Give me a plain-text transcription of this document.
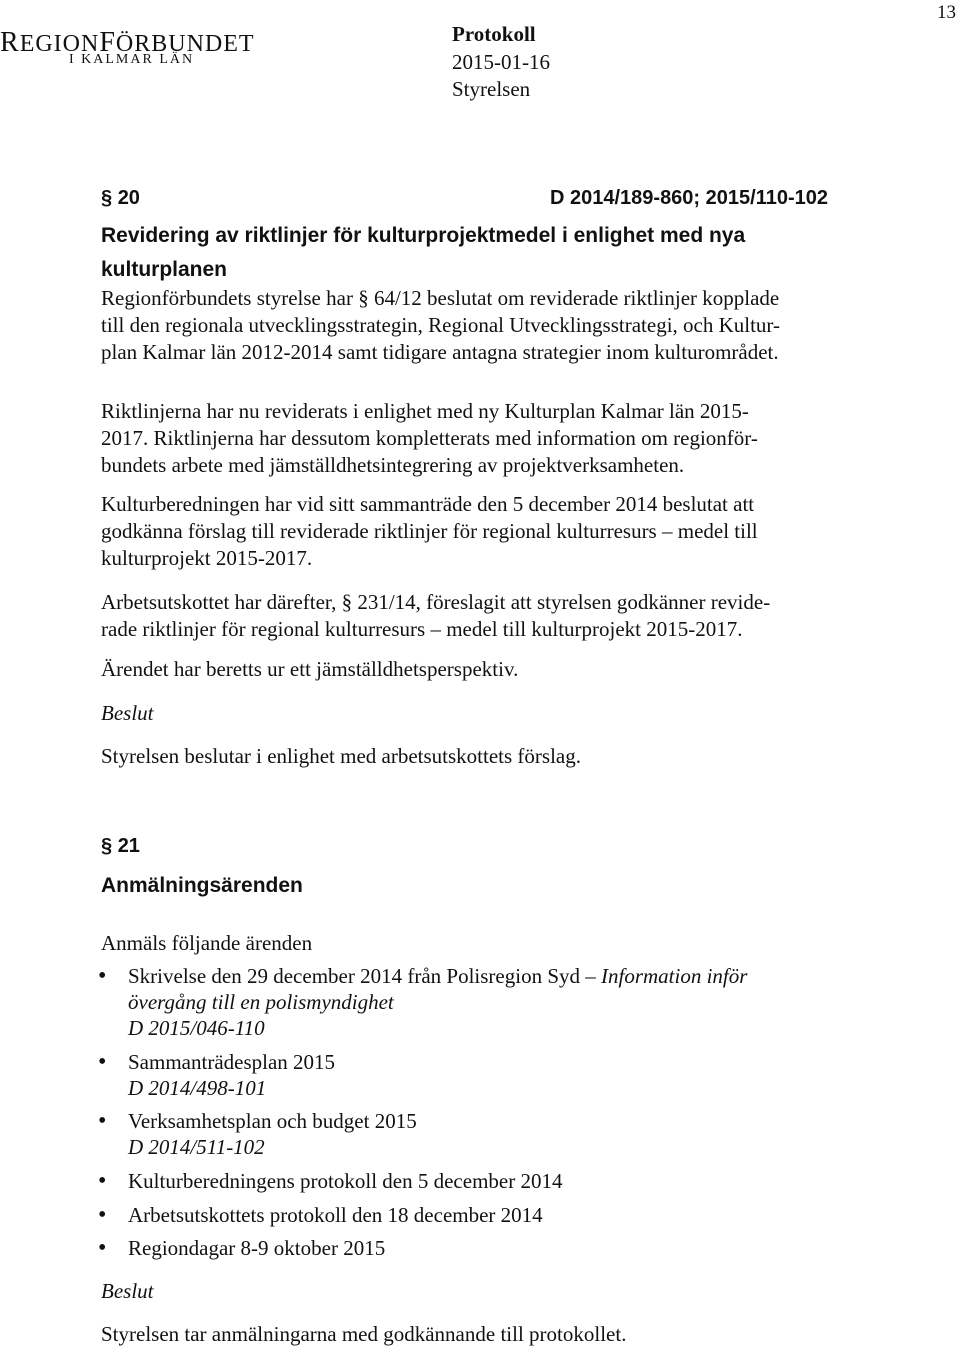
13
REGIONFÖRBUNDET
I KALMAR LÄN
Protokoll
2015-01-16
Styrelsen
§ 20	D 2014/189-860; 2015/110-102
Revidering av riktlinjer för kulturprojektmedel i enlighet med nya
kulturplanen
Regionförbundets styrelse har § 64/12 beslutat om reviderade riktlinjer kopplade
till den regionala utvecklingsstrategin, Regional Utvecklingsstrategi, och Kultur-
plan Kalmar län 2012-2014 samt tidigare antagna strategier inom kulturområdet.
Riktlinjerna har nu reviderats i enlighet med ny Kulturplan Kalmar län 2015-
2017. Riktlinjerna har dessutom kompletterats med information om regionför-
bundets arbete med jämställdhetsintegrering av projektverksamheten.
Kulturberedningen har vid sitt sammanträde den 5 december 2014 beslutat att
godkänna förslag till reviderade riktlinjer för regional kulturresurs – medel till
kulturprojekt 2015-2017.
Arbetsutskottet har därefter, § 231/14, föreslagit att styrelsen godkänner revide-
rade riktlinjer för regional kulturresurs – medel till kulturprojekt 2015-2017.
Ärendet har beretts ur ett jämställdhetsperspektiv.
Beslut
Styrelsen beslutar i enlighet med arbetsutskottets förslag.
§ 21
Anmälningsärenden
Anmäls följande ärenden
• Skrivelse den 29 december 2014 från Polisregion Syd – Information inför
övergång till en polismyndighet
D 2015/046-110
• Sammanträdesplan 2015
D 2014/498-101
• Verksamhetsplan och budget 2015
D 2014/511-102
• Kulturberedningens protokoll den 5 december 2014
• Arbetsutskottets protokoll den 18 december 2014
• Regiondagar 8-9 oktober 2015
Beslut
Styrelsen tar anmälningarna med godkännande till protokollet.
